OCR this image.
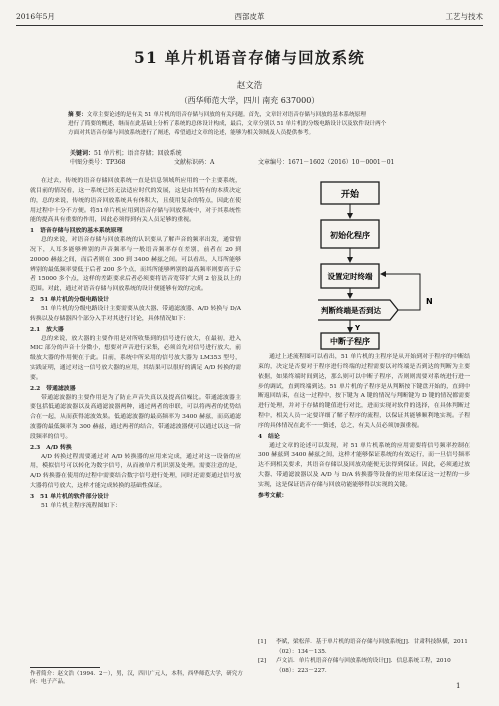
2016年5月	西部皮革	工艺与技术
51 单片机语音存储与回放系统
赵文浩
（西华师范大学，四川 南充 637000）
摘 要：文章主要论述的是有关 51 单片机的语音存储与回放的有关问题。首先，文章针对语音存储与回放的基本系统原理
进行了简要的概述，继而在此基础上分析了系统的总体设计构成，最后，文章分别以 51 单片机的分级电路设计以及软件设计两个
方面对其语音存储与回放系统进行了阐述，希望通过文章的论述，能够为相关领域及人员提供参考。
关键词：51 单片机；语音存储；回放系统
中图分类号：TP368	文献标识码：A	文章编号：1671－1602（2016）10－0001－01

在过去，传统的语音存储回放系统一直是信息领域所应用的一个主要系统，就目前的情况看，这一系统已经无法适应时代的发展，这是由其特有的本质决定的，总的来说，传统的语音回放系统具有体积大，且使用复杂的特点，因此在使用过程中十分不方便。将51单片机应用到语音存储与回放系统中，对于其系统性能的提高具有重要的作用，因此必须得到有关人员足够的重视。

1　语音存储与回放的基本系统原理

总的来说，对语音存储与回放系统的认识要从了解声音的频率出发，通常情况下，人耳多能够辨别的声音频率与一般语音频率存在差别，前者在 20 到 20000 赫兹之间，而后者则在 300 到 3400 赫兹之间。可以看出，人耳所能够辨别的最低频率要低于后者 200 多个点，而其所能够辨别的最高频率则要高于后者 15000 多个点，这样的差距要求后者必须要将语音宽带扩大到 2 倍及以上的范围。对此，通过对语音存储与回放系统的设计便能够有效的完成。

2　51 单片机的分级电路设计

51 单片机的分级电路设计主要需要从放大器、带通滤波器、A/D 转换与 D/A 转换以及存储器四个部分入手对其进行讨论，具体情况如下：

2.1　放大器

总的来说，放大器的主要作用是对所收集到的信号进行放大，在最初，进入 MIC 部分的声音十分微小，想要对声音进行采集，必须首先对信号进行放大，前级放大器的作用便在于此。目前，系统中所采用的信号放大器为 LM353 型号，实践证明，通过对这一信号放大器的应用，其结果可以很好的满足 A/D 转换的需要。

2.2　带通滤波器

带通滤波器的主要作用是为了防止声音失真以及提高信噪比。带通滤波器主要包括低通滤波器以及高通滤波器两种，通过两者的串联，可以将两者的优势结合在一起，从而获得滤波效果。低通滤波器的最高频率为 3400 赫兹，而高通滤波器的最低频率为 300 赫兹，通过两者的结合，带通滤波器便可以通过以这一阶段频率的信号。

2.3　A/D 转换

A/D 转换过程需要通过对 A/D 转换器的应用来完成，通过对这一设备的应用，模拟信号可以转化为数字信号，从而被单片机识别及处理。需要注意的是，A/D 转换器在使用的过程中需要结合数字信号进行处理，同时还需要通过信号放大器将信号放大，这样才能完成转换的基础性保证。

3　51 单片机的软件部分设计

51 单片机主程序流程图如下：

开始
初始化程序
设置定时终端
判断终端是否到达
N
Y
中断子程序

通过上述流程图可以看出，51 单片机的主程序是从开始到对于程序的中断结束的，决定是否要对于程序进行终端的过程需要以对终端是否到达的判断为主要依据，如果终端时间到达，那么则可以中断子程序，否则则需要对系统进行进一步的调试，直到终端到达。51 单片机的子程序是从判断按下键盘开始的，直到中断返回结束，在这一过程中，按下键为 A 键的情况与判断键为 D 键的情况都需要进行处理，并对于存储的键值进行对比，进而实现对软件的选择，在具体判断过程中，相关人员一定要详细了解子程序的流程，以保证其能够顺利地实现。子程序的具体情况在此不一一赘述，总之，有关人员必须加强重视。

4　结论

通过文章的论述可以发现，对 51 单片机系统的应用需要将信号频率控制在 300 赫兹到 3400 赫兹之间，这样才能够保证系统的有效运行，而一旦信号频率达不到相关要求，其语音存储以及回放功能便无法得到保证。因此，必须通过放大器、带通滤波器以及 A/D 与 D/A 转换器等设备的应用来保证这一过程的一步实现，这是保证语音存储与回放功能能够得以实现的关键。

参考文献：

[1] 李斌，梁松萍．基于单片机的语音存储与回放系统[J]．甘肃科技纵横，2011（02）：134－135．
[2] 卢文洁．单片机语音存储与回放系统的设计[J]．信息系统工程，2010（08）：223－227．
作者简介：赵文浩（1994．2－），男，汉，四川广元人，本科，西华师范大学，研究方向：电子产品。	1
